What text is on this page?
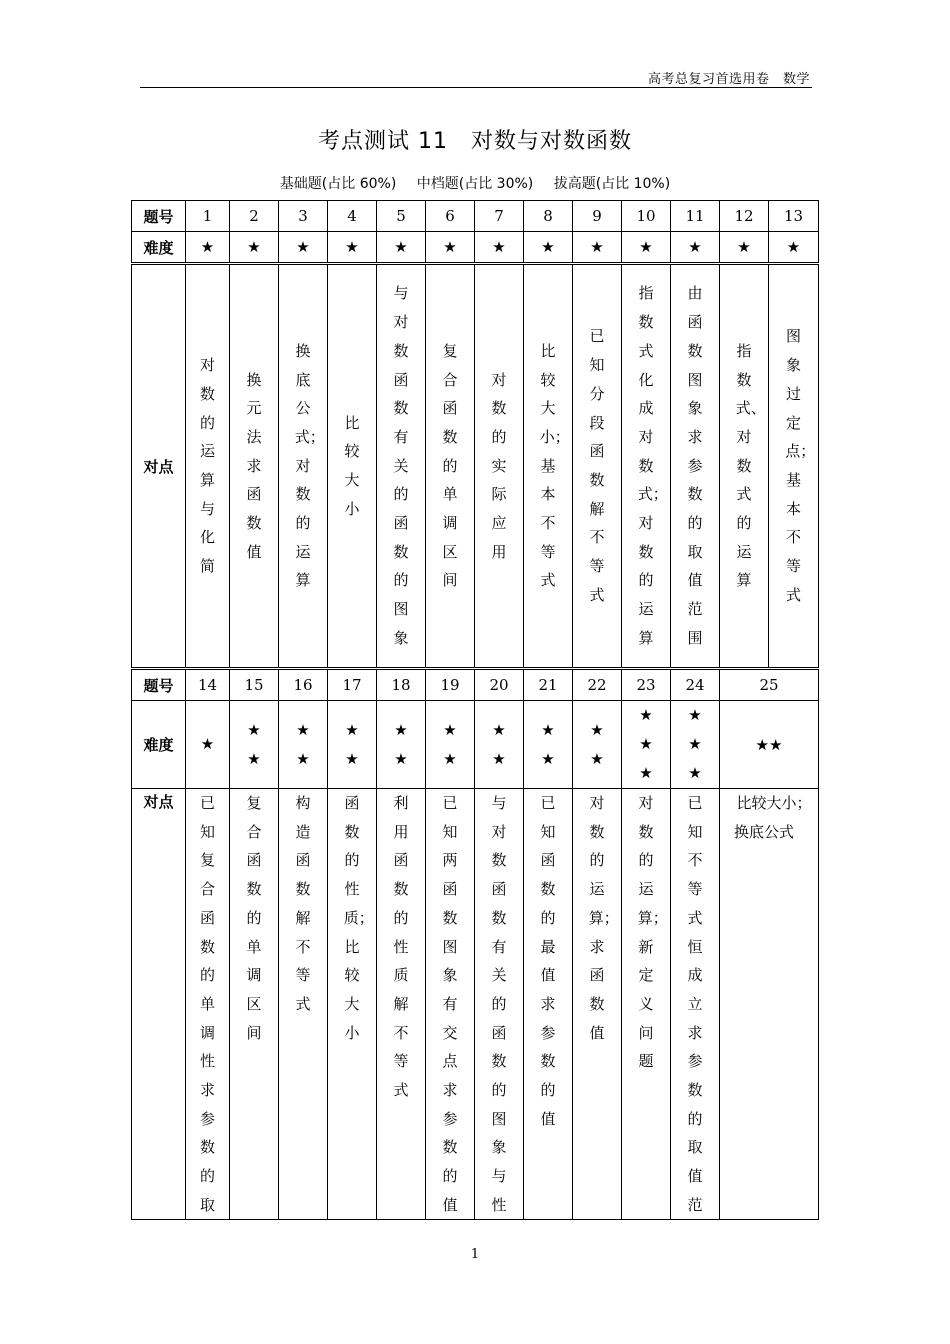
高考总复习首选用卷　数学
考点测试 11　对数与对数函数
基础题(占比 60%) 中档题(占比 30%) 拔高题(占比 10%)
题号	1	2	3	4	5	6	7	8	9	10	11	12	13
难度	★	★	★	★	★	★	★	★	★	★	★	★	★
对点	对数的运算与化简	换元法求函数值	换底公式；对数的运算	比较大小	与对数函数有关的函数的图象	复合函数的单调区间	对数的实际应用	比较大小；基本不等式	已知分段函数解不等式	指数式化成对数式；对数的运算	由函数图象求参数的取值范围	指数式、对数式的运算	图象过定点；基本不等式
题号	14	15	16	17	18	19	20	21	22	23	24	25	
难度	★	★★	★★	★★	★★	★★	★★	★★	★★	★★★	★★★	★★	
对点	已知复合函数的单调性求参数的取	复合函数的单调区间	构造函数解不等式	函数的性质；比较大小	利用函数的性质解不等式	已知两函数图象有交点求参数的值	与对数函数有关的函数的图象与性	已知函数的最值求参数的值	对数的运算；求函数值	对数的运算；新定义问题	已知不等式恒成立求参数的取值范	比较大小；换底公式	
1
